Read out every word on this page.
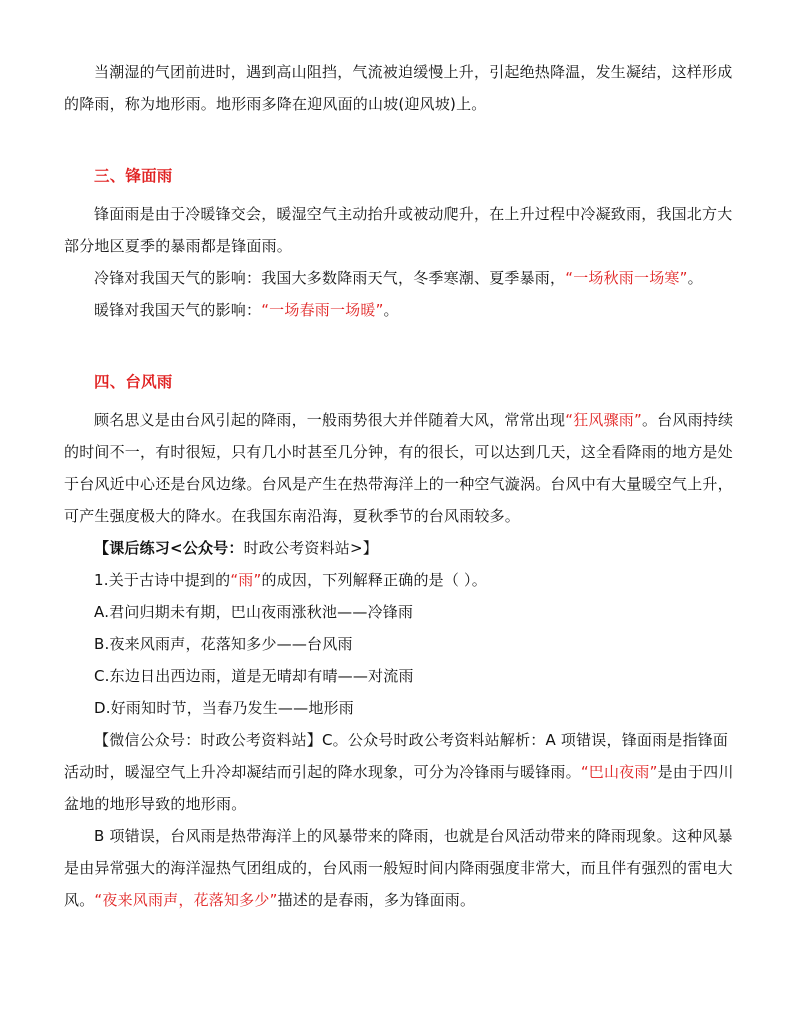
当潮湿的气团前进时，遇到高山阻挡，气流被迫缓慢上升，引起绝热降温，发生凝结，这样形成的降雨，称为地形雨。地形雨多降在迎风面的山坡(迎风坡)上。

三、锋面雨

锋面雨是由于冷暖锋交会，暖湿空气主动抬升或被动爬升，在上升过程中冷凝致雨，我国北方大部分地区夏季的暴雨都是锋面雨。

冷锋对我国天气的影响：我国大多数降雨天气，冬季寒潮、夏季暴雨，“一场秋雨一场寒”。

暖锋对我国天气的影响：“一场春雨一场暖”。

四、台风雨

顾名思义是由台风引起的降雨，一般雨势很大并伴随着大风，常常出现“狂风骤雨”。台风雨持续的时间不一，有时很短，只有几小时甚至几分钟，有的很长，可以达到几天，这全看降雨的地方是处于台风近中心还是台风边缘。台风是产生在热带海洋上的一种空气漩涡。台风中有大量暖空气上升，可产生强度极大的降水。在我国东南沿海，夏秋季节的台风雨较多。

【课后练习<公众号：时政公考资料站>】

1.关于古诗中提到的“雨”的成因，下列解释正确的是（ ）。

A.君问归期未有期，巴山夜雨涨秋池——冷锋雨

B.夜来风雨声，花落知多少——台风雨

C.东边日出西边雨，道是无晴却有晴——对流雨

D.好雨知时节，当春乃发生——地形雨

【微信公众号：时政公考资料站】C。公众号时政公考资料站解析：A 项错误，锋面雨是指锋面活动时，暖湿空气上升冷却凝结而引起的降水现象，可分为冷锋雨与暖锋雨。“巴山夜雨”是由于四川盆地的地形导致的地形雨。

B 项错误，台风雨是热带海洋上的风暴带来的降雨，也就是台风活动带来的降雨现象。这种风暴是由异常强大的海洋湿热气团组成的，台风雨一般短时间内降雨强度非常大，而且伴有强烈的雷电大风。“夜来风雨声，花落知多少”描述的是春雨，多为锋面雨。
